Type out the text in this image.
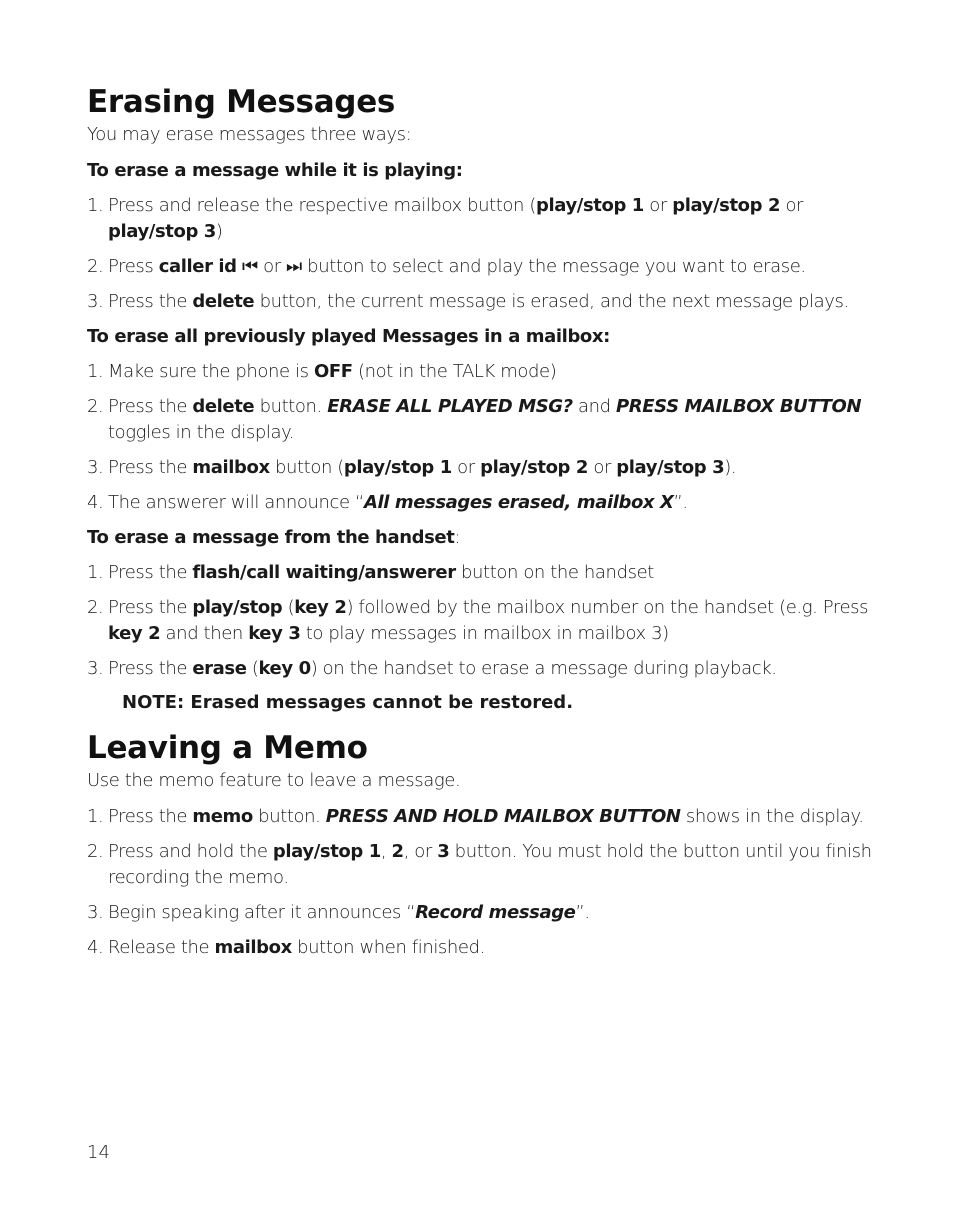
Erasing Messages

You may erase messages three ways:

To erase a message while it is playing:

1. Press and release the respective mailbox button (play/stop 1 or play/stop 2 or
play/stop 3)
2. Press caller id ⏮ or ⏭ button to select and play the message you want to erase.
3. Press the delete button, the current message is erased, and the next message plays.

To erase all previously played Messages in a mailbox:

1. Make sure the phone is OFF (not in the TALK mode)
2. Press the delete button. ERASE ALL PLAYED MSG? and PRESS MAILBOX BUTTON toggles in the display.
3. Press the mailbox button (play/stop 1 or play/stop 2 or play/stop 3).
4. The answerer will announce “All messages erased, mailbox X”.

To erase a message from the handset:

1. Press the flash/call waiting/answerer button on the handset
2. Press the play/stop (key 2) followed by the mailbox number on the handset (e.g. Press key 2 and then key 3 to play messages in mailbox in mailbox 3)
3. Press the erase (key 0) on the handset to erase a message during playback.

NOTE: Erased messages cannot be restored.

Leaving a Memo

Use the memo feature to leave a message.

1. Press the memo button. PRESS AND HOLD MAILBOX BUTTON shows in the display.
2. Press and hold the play/stop 1, 2, or 3 button. You must hold the button until you finish recording the memo.
3. Begin speaking after it announces “Record message”.
4. Release the mailbox button when finished.
14
